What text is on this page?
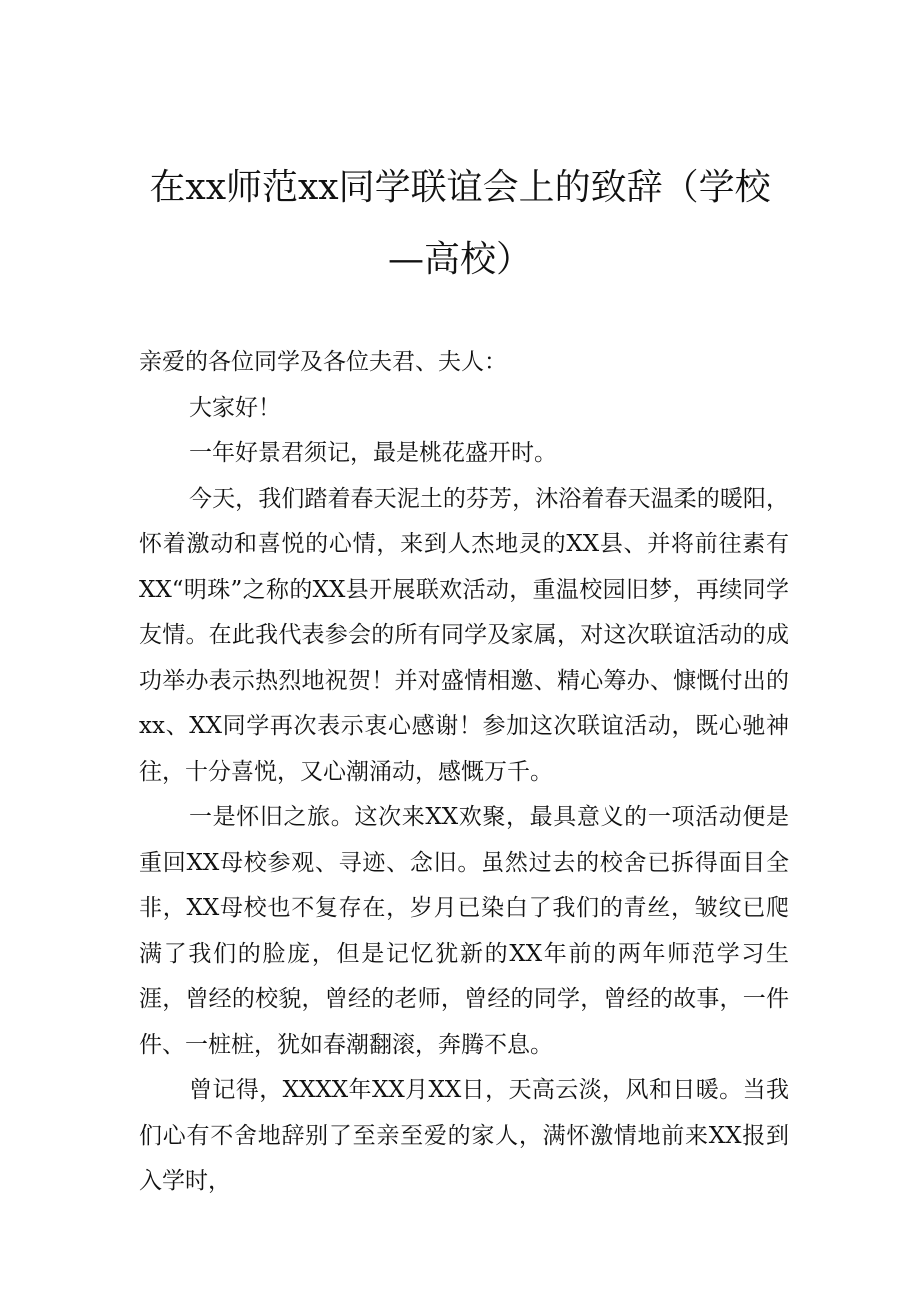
在xx师范xx同学联谊会上的致辞（学校
—高校）

亲爱的各位同学及各位夫君、夫人：

大家好！

一年好景君须记，最是桃花盛开时。

今天，我们踏着春天泥土的芬芳，沐浴着春天温柔的暖阳，怀着激动和喜悦的心情，来到人杰地灵的XX县、并将前往素有XX“明珠”之称的XX县开展联欢活动，重温校园旧梦，再续同学友情。在此我代表参会的所有同学及家属，对这次联谊活动的成功举办表示热烈地祝贺！并对盛情相邀、精心筹办、慷慨付出的xx、XX同学再次表示衷心感谢！参加这次联谊活动，既心驰神往，十分喜悦，又心潮涌动，感慨万千。

一是怀旧之旅。这次来XX欢聚，最具意义的一项活动便是重回XX母校参观、寻迹、念旧。虽然过去的校舍已拆得面目全非，XX母校也不复存在，岁月已染白了我们的青丝，皱纹已爬满了我们的脸庞，但是记忆犹新的XX年前的两年师范学习生涯，曾经的校貌，曾经的老师，曾经的同学，曾经的故事，一件件、一桩桩，犹如春潮翻滚，奔腾不息。

曾记得，XXXX年XX月XX日，天高云淡，风和日暖。当我们心有不舍地辞别了至亲至爱的家人，满怀激情地前来XX报到入学时，
